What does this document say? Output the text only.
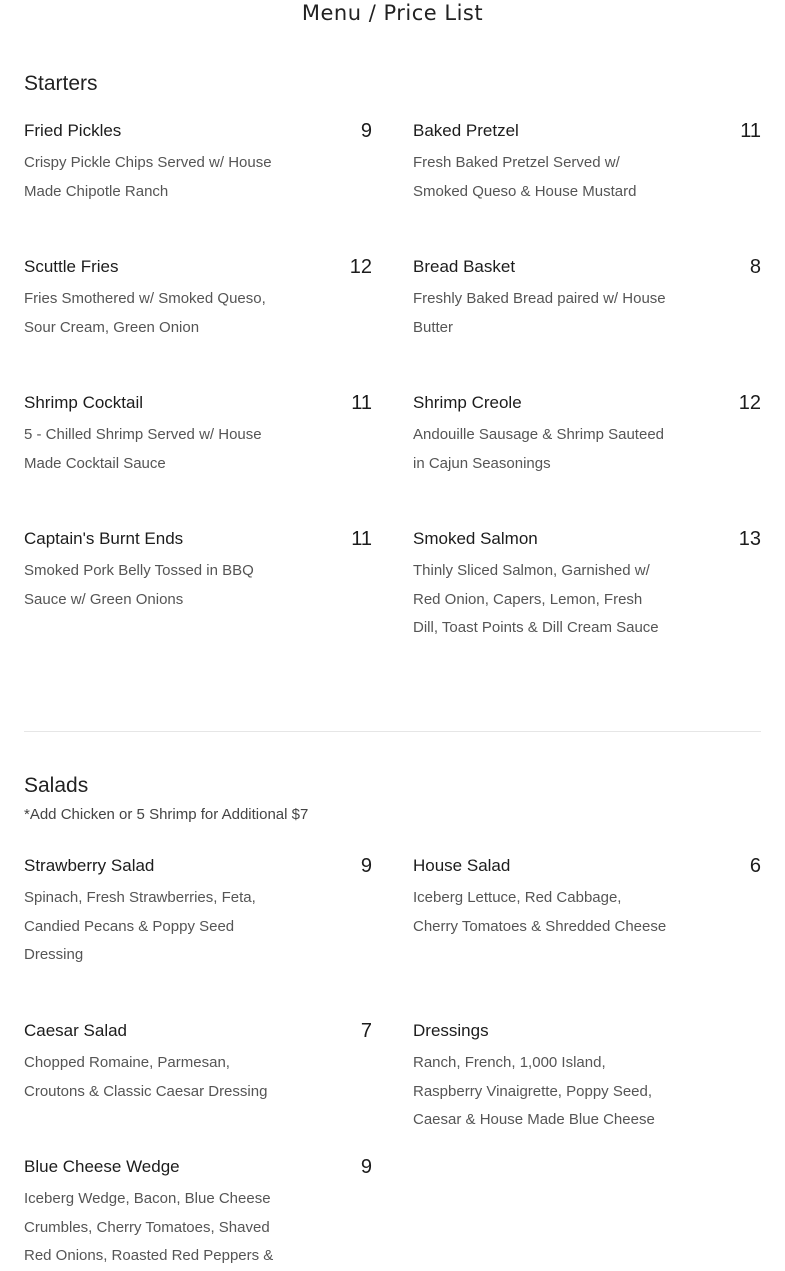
Menu / Price List
Starters
Fried Pickles	9
Crispy Pickle Chips Served w/ House Made Chipotle Ranch
Baked Pretzel	11
Fresh Baked Pretzel Served w/ Smoked Queso & House Mustard
Scuttle Fries	12
Fries Smothered w/ Smoked Queso, Sour Cream, Green Onion
Bread Basket	8
Freshly Baked Bread paired w/ House Butter
Shrimp Cocktail	11
5 - Chilled Shrimp Served w/ House Made Cocktail Sauce
Shrimp Creole	12
Andouille Sausage & Shrimp Sauteed in Cajun Seasonings
Captain's Burnt Ends	11
Smoked Pork Belly Tossed in BBQ Sauce w/ Green Onions
Smoked Salmon	13
Thinly Sliced Salmon, Garnished w/ Red Onion, Capers, Lemon, Fresh Dill, Toast Points & Dill Cream Sauce
Salads
*Add Chicken or 5 Shrimp for Additional $7
Strawberry Salad	9
Spinach, Fresh Strawberries, Feta, Candied Pecans & Poppy Seed Dressing
House Salad	6
Iceberg Lettuce, Red Cabbage, Cherry Tomatoes & Shredded Cheese
Caesar Salad	7
Chopped Romaine, Parmesan, Croutons & Classic Caesar Dressing
Dressings
Ranch, French, 1,000 Island, Raspberry Vinaigrette, Poppy Seed, Caesar & House Made Blue Cheese
Blue Cheese Wedge	9
Iceberg Wedge, Bacon, Blue Cheese Crumbles, Cherry Tomatoes, Shaved Red Onions, Roasted Red Peppers &
